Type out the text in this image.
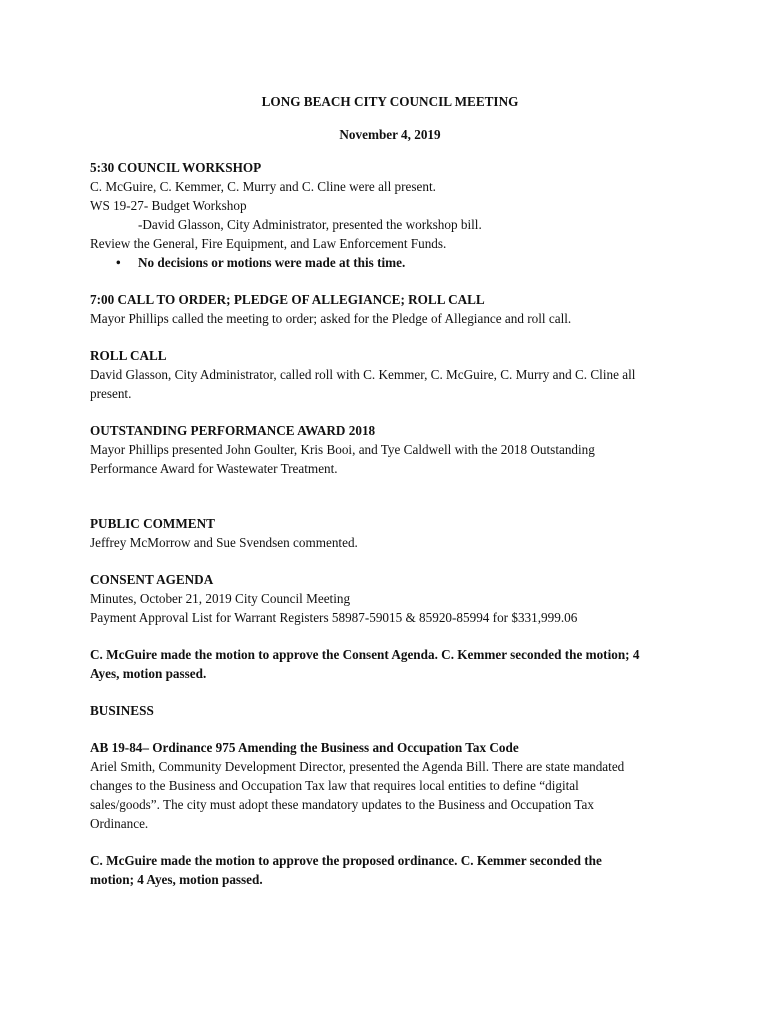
LONG BEACH CITY COUNCIL MEETING
November 4, 2019
5:30 COUNCIL WORKSHOP
C. McGuire, C. Kemmer, C. Murry and C. Cline were all present.
WS 19-27- Budget Workshop
-David Glasson, City Administrator, presented the workshop bill.
Review the General, Fire Equipment, and Law Enforcement Funds.
• No decisions or motions were made at this time.
7:00 CALL TO ORDER; PLEDGE OF ALLEGIANCE; ROLL CALL
Mayor Phillips called the meeting to order; asked for the Pledge of Allegiance and roll call.
ROLL CALL
David Glasson, City Administrator, called roll with C. Kemmer, C. McGuire, C. Murry and C. Cline all
present.
OUTSTANDING PERFORMANCE AWARD 2018
Mayor Phillips presented John Goulter, Kris Booi, and Tye Caldwell with the 2018 Outstanding
Performance Award for Wastewater Treatment.
PUBLIC COMMENT
Jeffrey McMorrow and Sue Svendsen commented.
CONSENT AGENDA
Minutes, October 21, 2019 City Council Meeting
Payment Approval List for Warrant Registers 58987-59015 & 85920-85994 for $331,999.06
C. McGuire made the motion to approve the Consent Agenda. C. Kemmer seconded the motion; 4
Ayes, motion passed.
BUSINESS
AB 19-84– Ordinance 975 Amending the Business and Occupation Tax Code
Ariel Smith, Community Development Director, presented the Agenda Bill. There are state mandated
changes to the Business and Occupation Tax law that requires local entities to define “digital
sales/goods”. The city must adopt these mandatory updates to the Business and Occupation Tax
Ordinance.
C. McGuire made the motion to approve the proposed ordinance. C. Kemmer seconded the
motion; 4 Ayes, motion passed.
